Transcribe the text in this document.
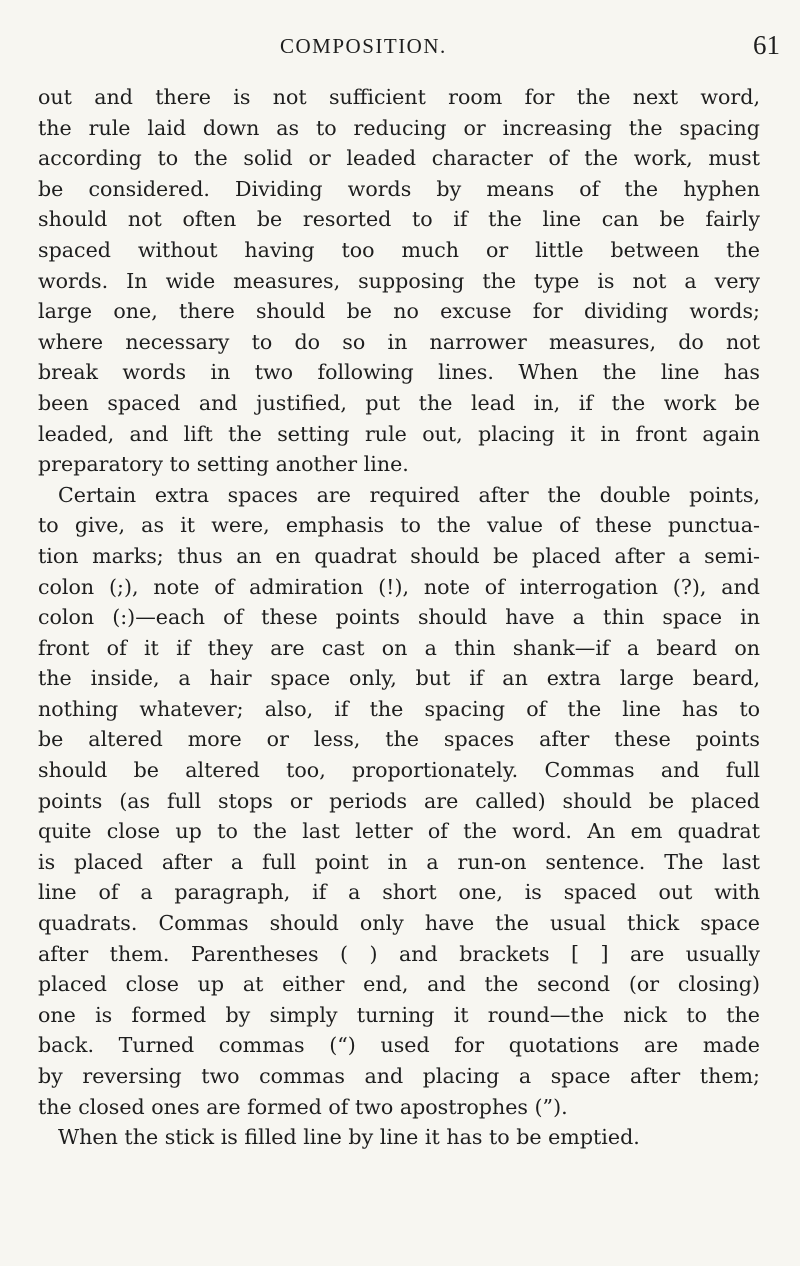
COMPOSITION.	61
out and there is not sufficient room for the next word,
the rule laid down as to reducing or increasing the spacing
according to the solid or leaded character of the work, must
be considered. Dividing words by means of the hyphen
should not often be resorted to if the line can be fairly
spaced without having too much or little between the
words. In wide measures, supposing the type is not a very
large one, there should be no excuse for dividing words;
where necessary to do so in narrower measures, do not
break words in two following lines. When the line has
been spaced and justified, put the lead in, if the work be
leaded, and lift the setting rule out, placing it in front again
preparatory to setting another line.
Certain extra spaces are required after the double points,
to give, as it were, emphasis to the value of these punctua-
tion marks; thus an en quadrat should be placed after a semi-
colon (;), note of admiration (!), note of interrogation (?), and
colon (:)—each of these points should have a thin space in
front of it if they are cast on a thin shank—if a beard on
the inside, a hair space only, but if an extra large beard,
nothing whatever; also, if the spacing of the line has to
be altered more or less, the spaces after these points
should be altered too, proportionately. Commas and full
points (as full stops or periods are called) should be placed
quite close up to the last letter of the word. An em quadrat
is placed after a full point in a run-on sentence. The last
line of a paragraph, if a short one, is spaced out with
quadrats. Commas should only have the usual thick space
after them. Parentheses ( ) and brackets [ ] are usually
placed close up at either end, and the second (or closing)
one is formed by simply turning it round—the nick to the
back. Turned commas (“) used for quotations are made
by reversing two commas and placing a space after them;
the closed ones are formed of two apostrophes (”).
When the stick is filled line by line it has to be emptied.
